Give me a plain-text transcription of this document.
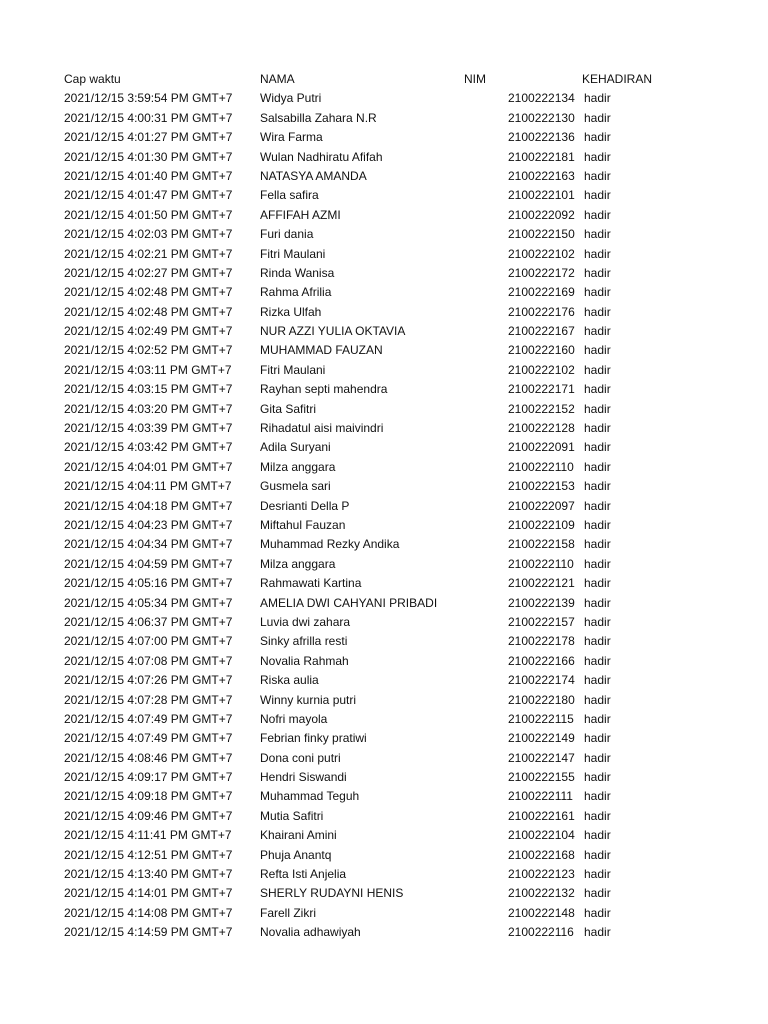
Cap waktu	NAMA	NIM	KEHADIRAN
2021/12/15 3:59:54 PM GMT+7	Widya Putri	2100222134 hadir
2021/12/15 4:00:31 PM GMT+7	Salsabilla Zahara N.R	2100222130 hadir
2021/12/15 4:01:27 PM GMT+7	Wira Farma	2100222136 hadir
2021/12/15 4:01:30 PM GMT+7	Wulan Nadhiratu Afifah	2100222181 hadir
2021/12/15 4:01:40 PM GMT+7	NATASYA AMANDA	2100222163 hadir
2021/12/15 4:01:47 PM GMT+7	Fella safira	2100222101 hadir
2021/12/15 4:01:50 PM GMT+7	AFFIFAH AZMI	2100222092 hadir
2021/12/15 4:02:03 PM GMT+7	Furi dania	2100222150 hadir
2021/12/15 4:02:21 PM GMT+7	Fitri Maulani	2100222102 hadir
2021/12/15 4:02:27 PM GMT+7	Rinda Wanisa	2100222172 hadir
2021/12/15 4:02:48 PM GMT+7	Rahma Afrilia	2100222169 hadir
2021/12/15 4:02:48 PM GMT+7	Rizka Ulfah	2100222176 hadir
2021/12/15 4:02:49 PM GMT+7	NUR AZZI YULIA OKTAVIA	2100222167 hadir
2021/12/15 4:02:52 PM GMT+7	MUHAMMAD FAUZAN	2100222160 hadir
2021/12/15 4:03:11 PM GMT+7	Fitri Maulani	2100222102 hadir
2021/12/15 4:03:15 PM GMT+7	Rayhan septi mahendra	2100222171 hadir
2021/12/15 4:03:20 PM GMT+7	Gita Safitri	2100222152 hadir
2021/12/15 4:03:39 PM GMT+7	Rihadatul aisi maivindri	2100222128 hadir
2021/12/15 4:03:42 PM GMT+7	Adila Suryani	2100222091 hadir
2021/12/15 4:04:01 PM GMT+7	Milza anggara	2100222110 hadir
2021/12/15 4:04:11 PM GMT+7	Gusmela sari	2100222153 hadir
2021/12/15 4:04:18 PM GMT+7	Desrianti Della P	2100222097 hadir
2021/12/15 4:04:23 PM GMT+7	Miftahul Fauzan	2100222109 hadir
2021/12/15 4:04:34 PM GMT+7	Muhammad Rezky Andika	2100222158 hadir
2021/12/15 4:04:59 PM GMT+7	Milza anggara	2100222110 hadir
2021/12/15 4:05:16 PM GMT+7	Rahmawati Kartina	2100222121 hadir
2021/12/15 4:05:34 PM GMT+7	AMELIA DWI CAHYANI PRIBADI	2100222139 hadir
2021/12/15 4:06:37 PM GMT+7	Luvia dwi zahara	2100222157 hadir
2021/12/15 4:07:00 PM GMT+7	Sinky afrilla resti	2100222178 hadir
2021/12/15 4:07:08 PM GMT+7	Novalia Rahmah	2100222166 hadir
2021/12/15 4:07:26 PM GMT+7	Riska aulia	2100222174 hadir
2021/12/15 4:07:28 PM GMT+7	Winny kurnia putri	2100222180 hadir
2021/12/15 4:07:49 PM GMT+7	Nofri mayola	2100222115 hadir
2021/12/15 4:07:49 PM GMT+7	Febrian finky pratiwi	2100222149 hadir
2021/12/15 4:08:46 PM GMT+7	Dona coni putri	2100222147 hadir
2021/12/15 4:09:17 PM GMT+7	Hendri Siswandi	2100222155 hadir
2021/12/15 4:09:18 PM GMT+7	Muhammad Teguh	2100222111 hadir
2021/12/15 4:09:46 PM GMT+7	Mutia Safitri	2100222161 hadir
2021/12/15 4:11:41 PM GMT+7	Khairani Amini	2100222104 hadir
2021/12/15 4:12:51 PM GMT+7	Phuja Anantq	2100222168 hadir
2021/12/15 4:13:40 PM GMT+7	Refta Isti Anjelia	2100222123 hadir
2021/12/15 4:14:01 PM GMT+7	SHERLY RUDAYNI HENIS	2100222132 hadir
2021/12/15 4:14:08 PM GMT+7	Farell Zikri	2100222148 hadir
2021/12/15 4:14:59 PM GMT+7	Novalia adhawiyah	2100222116 hadir
